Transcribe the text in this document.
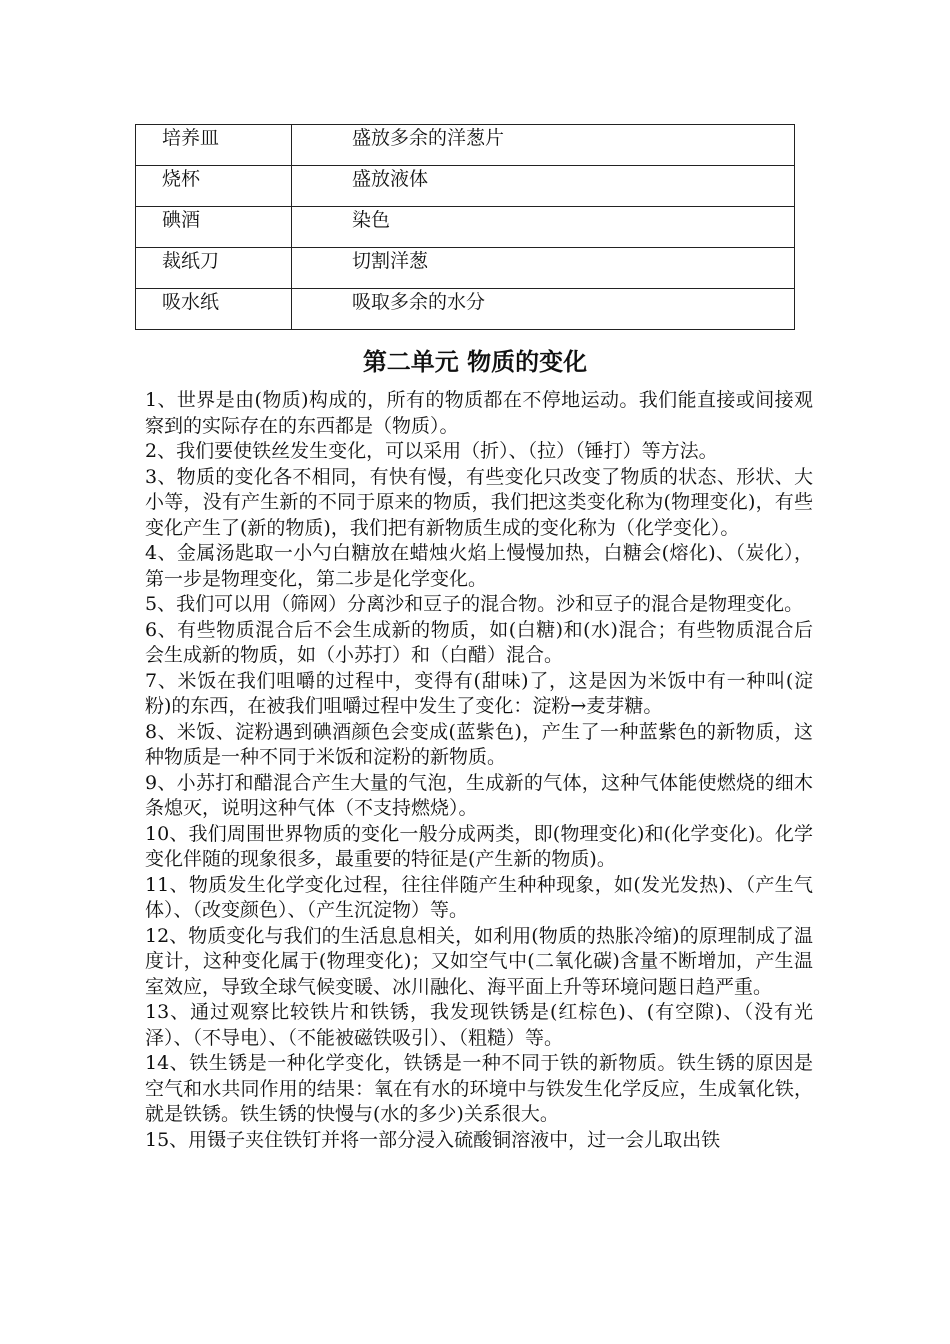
培养皿	盛放多余的洋葱片
烧杯	盛放液体
碘酒	染色
裁纸刀	切割洋葱
吸水纸	吸取多余的水分
第二单元 物质的变化

1、世界是由(物质)构成的，所有的物质都在不停地运动。我们能直接或间接观察到的实际存在的东西都是（物质）。

2、我们要使铁丝发生变化，可以采用（折）、（拉）（锤打）等方法。

3、物质的变化各不相同，有快有慢，有些变化只改变了物质的状态、形状、大小等，没有产生新的不同于原来的物质，我们把这类变化称为(物理变化)，有些变化产生了(新的物质)，我们把有新物质生成的变化称为（化学变化）。

4、金属汤匙取一小勺白糖放在蜡烛火焰上慢慢加热，白糖会(熔化)、（炭化），第一步是物理变化，第二步是化学变化。

5、我们可以用（筛网）分离沙和豆子的混合物。沙和豆子的混合是物理变化。

6、有些物质混合后不会生成新的物质，如(白糖)和(水)混合；有些物质混合后会生成新的物质，如（小苏打）和（白醋）混合。

7、米饭在我们咀嚼的过程中，变得有(甜味)了，这是因为米饭中有一种叫(淀粉)的东西，在被我们咀嚼过程中发生了变化：淀粉→麦芽糖。

8、米饭、淀粉遇到碘酒颜色会变成(蓝紫色)，产生了一种蓝紫色的新物质，这种物质是一种不同于米饭和淀粉的新物质。

9、小苏打和醋混合产生大量的气泡，生成新的气体，这种气体能使燃烧的细木条熄灭，说明这种气体（不支持燃烧）。

10、我们周围世界物质的变化一般分成两类，即(物理变化)和(化学变化)。化学变化伴随的现象很多，最重要的特征是(产生新的物质)。

11、物质发生化学变化过程，往往伴随产生种种现象，如(发光发热)、（产生气体）、（改变颜色）、（产生沉淀物）等。

12、物质变化与我们的生活息息相关，如利用(物质的热胀冷缩)的原理制成了温度计，这种变化属于(物理变化)；又如空气中(二氧化碳)含量不断增加，产生温室效应，导致全球气候变暖、冰川融化、海平面上升等环境问题日趋严重。

13、通过观察比较铁片和铁锈，我发现铁锈是(红棕色)、(有空隙)、（没有光泽）、（不导电）、（不能被磁铁吸引）、（粗糙）等。

14、铁生锈是一种化学变化，铁锈是一种不同于铁的新物质。铁生锈的原因是空气和水共同作用的结果：氧在有水的环境中与铁发生化学反应，生成氧化铁，就是铁锈。铁生锈的快慢与(水的多少)关系很大。

15、用镊子夹住铁钉并将一部分浸入硫酸铜溶液中，过一会儿取出铁
